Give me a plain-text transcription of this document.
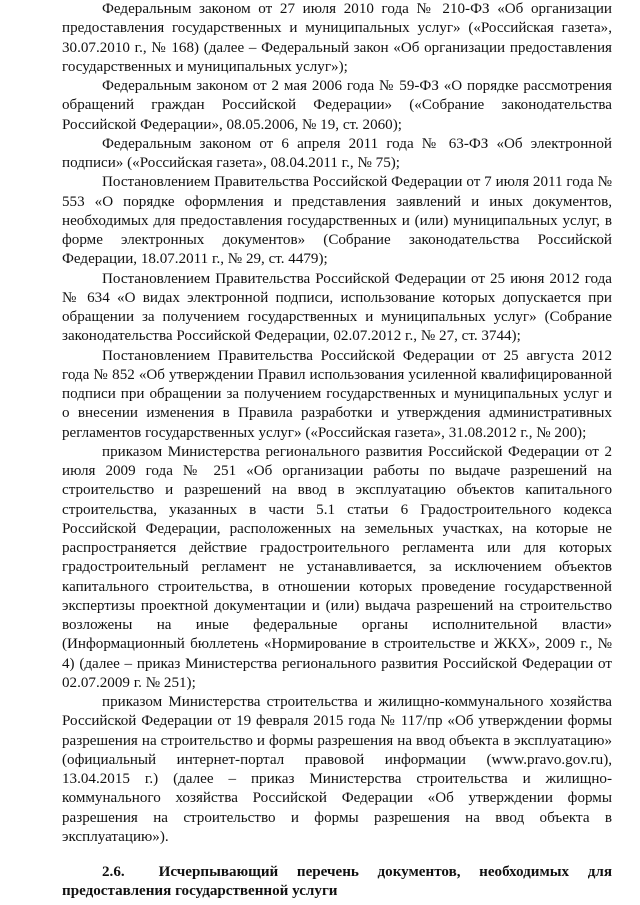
Федеральным законом от 27 июля 2010 года № 210-ФЗ «Об организации предоставления государственных и муниципальных услуг» («Российская газета», 30.07.2010 г., № 168) (далее – Федеральный закон «Об организации предоставления государственных и муниципальных услуг»);

Федеральным законом от 2 мая 2006 года № 59-ФЗ «О порядке рассмотрения обращений граждан Российской Федерации» («Собрание законодательства Российской Федерации», 08.05.2006, № 19, ст. 2060);

Федеральным законом от 6 апреля 2011 года № 63-ФЗ «Об электронной подписи» («Российская газета», 08.04.2011 г., № 75);

Постановлением Правительства Российской Федерации от 7 июля 2011 года № 553 «О порядке оформления и представления заявлений и иных документов, необходимых для предоставления государственных и (или) муниципальных услуг, в форме электронных документов» (Собрание законодательства Российской Федерации, 18.07.2011 г., № 29, ст. 4479);

Постановлением Правительства Российской Федерации от 25 июня 2012 года № 634 «О видах электронной подписи, использование которых допускается при обращении за получением государственных и муниципальных услуг» (Собрание законодательства Российской Федерации, 02.07.2012 г., № 27, ст. 3744);

Постановлением Правительства Российской Федерации от 25 августа 2012 года № 852 «Об утверждении Правил использования усиленной квалифицированной подписи при обращении за получением государственных и муниципальных услуг и о внесении изменения в Правила разработки и утверждения административных регламентов государственных услуг» («Российская газета», 31.08.2012 г., № 200);

приказом Министерства регионального развития Российской Федерации от 2 июля 2009 года № 251 «Об организации работы по выдаче разрешений на строительство и разрешений на ввод в эксплуатацию объектов капитального строительства, указанных в части 5.1 статьи 6 Градостроительного кодекса Российской Федерации, расположенных на земельных участках, на которые не распространяется действие градостроительного регламента или для которых градостроительный регламент не устанавливается, за исключением объектов капитального строительства, в отношении которых проведение государственной экспертизы проектной документации и (или) выдача разрешений на строительство возложены на иные федеральные органы исполнительной власти» (Информационный бюллетень «Нормирование в строительстве и ЖКХ», 2009 г., № 4) (далее – приказ Министерства регионального развития Российской Федерации от 02.07.2009 г. № 251);

приказом Министерства строительства и жилищно-коммунального хозяйства Российской Федерации от 19 февраля 2015 года № 117/пр «Об утверждении формы разрешения на строительство и формы разрешения на ввод объекта в эксплуатацию» (официальный интернет-портал правовой информации (www.pravo.gov.ru), 13.04.2015 г.) (далее – приказ Министерства строительства и жилищно-коммунального хозяйства Российской Федерации «Об утверждении формы разрешения на строительство и формы разрешения на ввод объекта в эксплуатацию»).

2.6. Исчерпывающий перечень документов, необходимых для предоставления государственной услуги
